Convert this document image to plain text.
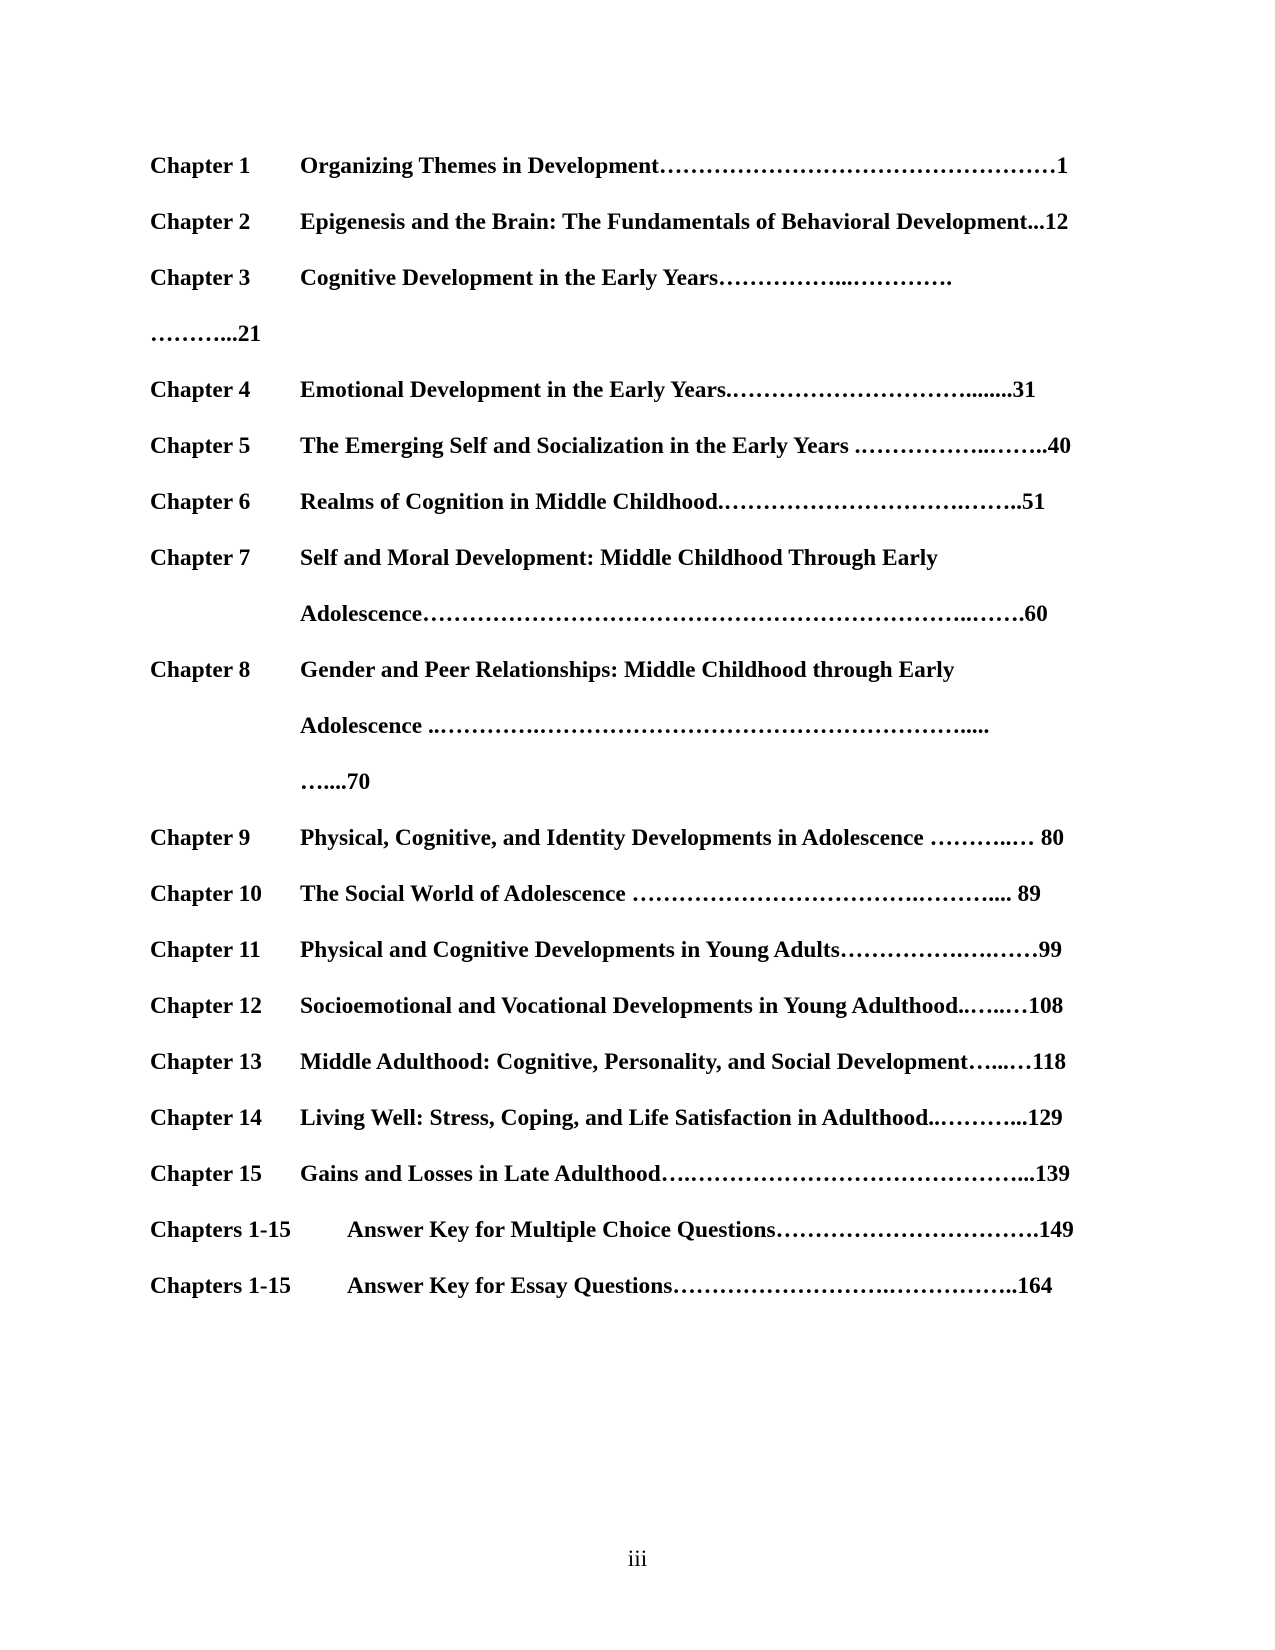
Chapter 1 Organizing Themes in Development……………………………………………1
Chapter 2 Epigenesis and the Brain: The Fundamentals of Behavioral Development...12
Chapter 3 Cognitive Development in the Early Years……………...………….
………...21
Chapter 4 Emotional Development in the Early Years.…………………………........31
Chapter 5 The Emerging Self and Socialization in the Early Years .……………..……..40
Chapter 6 Realms of Cognition in Middle Childhood.………………………….……..51
Chapter 7 Self and Moral Development: Middle Childhood Through Early
Adolescence……………………………………………………………..…….60
Chapter 8 Gender and Peer Relationships: Middle Childhood through Early
Adolescence ..………….……………………………………………….....
…....70
Chapter 9 Physical, Cognitive, and Identity Developments in Adolescence ………..… 80
Chapter 10 The Social World of Adolescence ……………………………….……….... 89
Chapter 11 Physical and Cognitive Developments in Young Adults…………….….……99
Chapter 12 Socioemotional and Vocational Developments in Young Adulthood..…..…108
Chapter 13 Middle Adulthood: Cognitive, Personality, and Social Development…...…118
Chapter 14 Living Well: Stress, Coping, and Life Satisfaction in Adulthood..………...129
Chapter 15 Gains and Losses in Late Adulthood….……………………………………...139
Chapters 1-15 Answer Key for Multiple Choice Questions…………………………….149
Chapters 1-15 Answer Key for Essay Questions……………………….……………..164
iii
